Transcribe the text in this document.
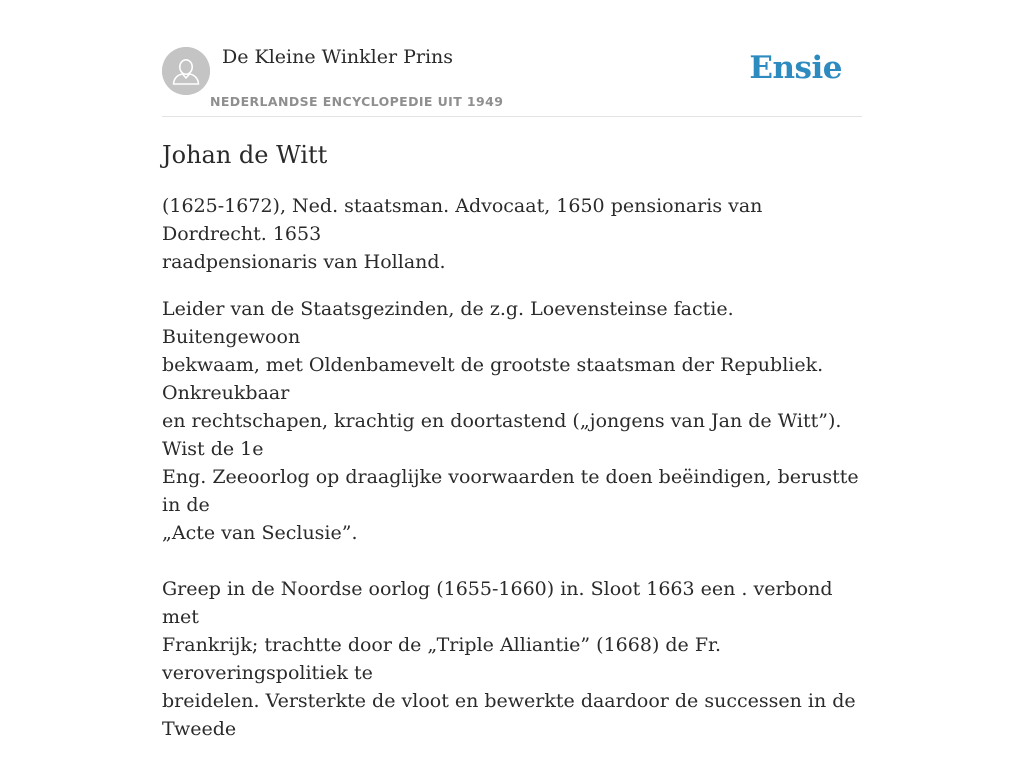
De Kleine Winkler Prins
NEDERLANDSE ENCYCLOPEDIE UIT 1949
Ensie
Johan de Witt

(1625-1672), Ned. staatsman. Advocaat, 1650 pensionaris van Dordrecht. 1653
raadpensionaris van Holland.

Leider van de Staatsgezinden, de z.g. Loevensteinse factie. Buitengewoon
bekwaam, met Oldenbamevelt de grootste staatsman der Republiek. Onkreukbaar
en rechtschapen, krachtig en doortastend („jongens van Jan de Witt”). Wist de 1e
Eng. Zeeoorlog op draaglijke voorwaarden te doen beëindigen, berustte in de
„Acte van Seclusie”.

Greep in de Noordse oorlog (1655-1660) in. Sloot 1663 een . verbond met
Frankrijk; trachtte door de „Triple Alliantie” (1668) de Fr. veroveringspolitiek te
breidelen. Versterkte de vloot en bewerkte daardoor de successen in de Tweede
